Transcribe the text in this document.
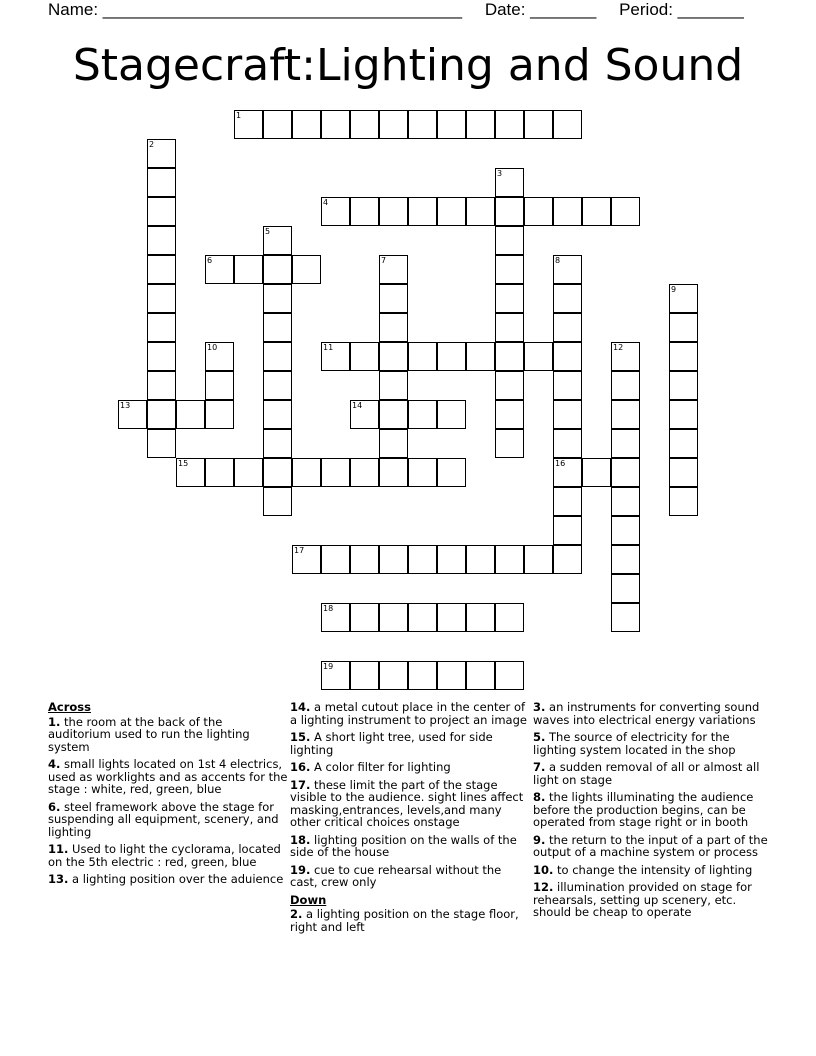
Name: ______________________________________ Date: _______ Period: _______
Stagecraft:Lighting and Sound
1
2
3
4
5
6	7	8
9
10	11	12
13	14
15	16
17
18
19
Across
1. the room at the back of the auditorium used to run the lighting system
4. small lights located on 1st 4 electrics, used as worklights and as accents for the stage : white, red, green, blue
6. steel framework above the stage for suspending all equipment, scenery, and lighting
11. Used to light the cyclorama, located on the 5th electric : red, green, blue
13. a lighting position over the aduience
14. a metal cutout place in the center of a lighting instrument to project an image
15. A short light tree, used for side lighting
16. A color filter for lighting
17. these limit the part of the stage visible to the audience. sight lines affect masking,entrances, levels,and many other critical choices onstage
18. lighting position on the walls of the side of the house
19. cue to cue rehearsal without the cast, crew only
Down
2. a lighting position on the stage floor, right and left
3. an instruments for converting sound waves into electrical energy variations
5. The source of electricity for the lighting system located in the shop
7. a sudden removal of all or almost all light on stage
8. the lights illuminating the audience before the production begins, can be operated from stage right or in booth
9. the return to the input of a part of the output of a machine system or process
10. to change the intensity of lighting
12. illumination provided on stage for rehearsals, setting up scenery, etc. should be cheap to operate
